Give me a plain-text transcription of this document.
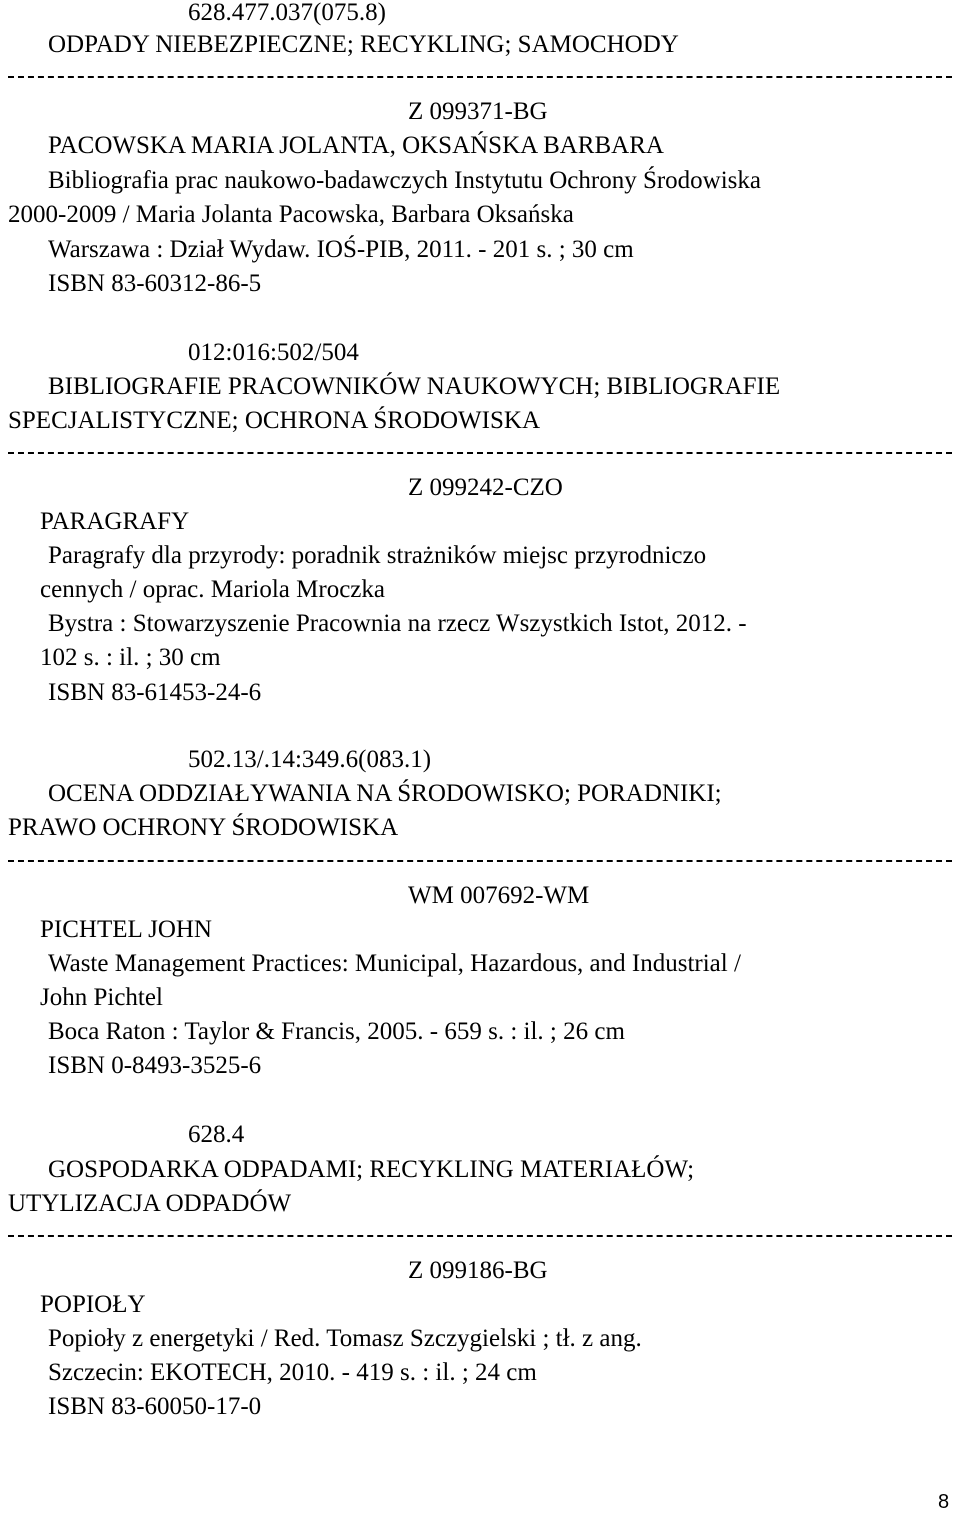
628.477.037(075.8)
ODPADY NIEBEZPIECZNE; RECYKLING; SAMOCHODY
Z 099371-BG
PACOWSKA MARIA JOLANTA, OKSAŃSKA BARBARA
Bibliografia prac naukowo-badawczych Instytutu Ochrony Środowiska
2000-2009 / Maria Jolanta Pacowska, Barbara Oksańska
Warszawa : Dział Wydaw. IOŚ-PIB, 2011. - 201 s. ; 30 cm
ISBN 83-60312-86-5
012:016:502/504
BIBLIOGRAFIE PRACOWNIKÓW NAUKOWYCH; BIBLIOGRAFIE
SPECJALISTYCZNE; OCHRONA ŚRODOWISKA
Z 099242-CZO
PARAGRAFY
Paragrafy dla przyrody: poradnik strażników miejsc przyrodniczo
cennych / oprac. Mariola Mroczka
Bystra : Stowarzyszenie Pracownia na rzecz Wszystkich Istot, 2012. -
102 s. : il. ; 30 cm
ISBN 83-61453-24-6
502.13/.14:349.6(083.1)
OCENA ODDZIAŁYWANIA NA ŚRODOWISKO; PORADNIKI;
PRAWO OCHRONY ŚRODOWISKA
WM 007692-WM
PICHTEL JOHN
Waste Management Practices: Municipal, Hazardous, and Industrial /
John Pichtel
Boca Raton : Taylor & Francis, 2005. - 659 s. : il. ; 26 cm
ISBN 0-8493-3525-6
628.4
GOSPODARKA ODPADAMI; RECYKLING MATERIAŁÓW;
UTYLIZACJA ODPADÓW
Z 099186-BG
POPIOŁY
Popioły z energetyki / Red. Tomasz Szczygielski ; tł. z ang.
Szczecin: EKOTECH, 2010. - 419 s. : il. ; 24 cm
ISBN 83-60050-17-0
8
